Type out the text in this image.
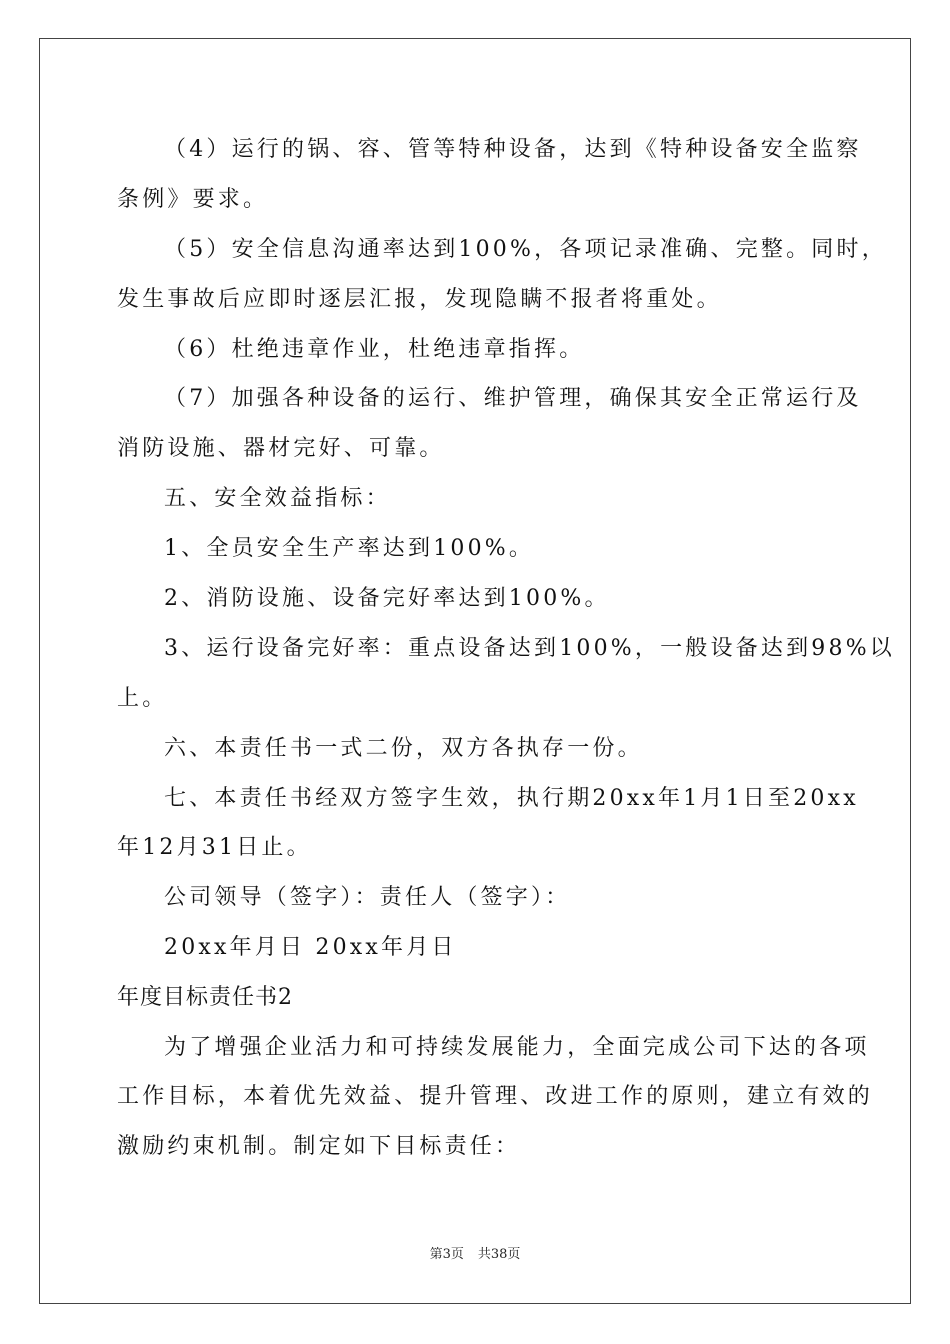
（4）运行的锅、容、管等特种设备，达到《特种设备安全监察
条例》要求。
（5）安全信息沟通率达到100%，各项记录准确、完整。同时，
发生事故后应即时逐层汇报，发现隐瞒不报者将重处。
（6）杜绝违章作业，杜绝违章指挥。
（7）加强各种设备的运行、维护管理，确保其安全正常运行及
消防设施、器材完好、可靠。
五、安全效益指标：
1、全员安全生产率达到100%。
2、消防设施、设备完好率达到100%。
3、运行设备完好率：重点设备达到100%，一般设备达到98%以
上。
六、本责任书一式二份，双方各执存一份。
七、本责任书经双方签字生效，执行期20xx年1月1日至20xx
年12月31日止。
公司领导（签字）：责任人（签字）：
20xx年月日 20xx年月日
年度目标责任书2
为了增强企业活力和可持续发展能力，全面完成公司下达的各项
工作目标，本着优先效益、提升管理、改进工作的原则，建立有效的
激励约束机制。制定如下目标责任：
第3页 共38页
